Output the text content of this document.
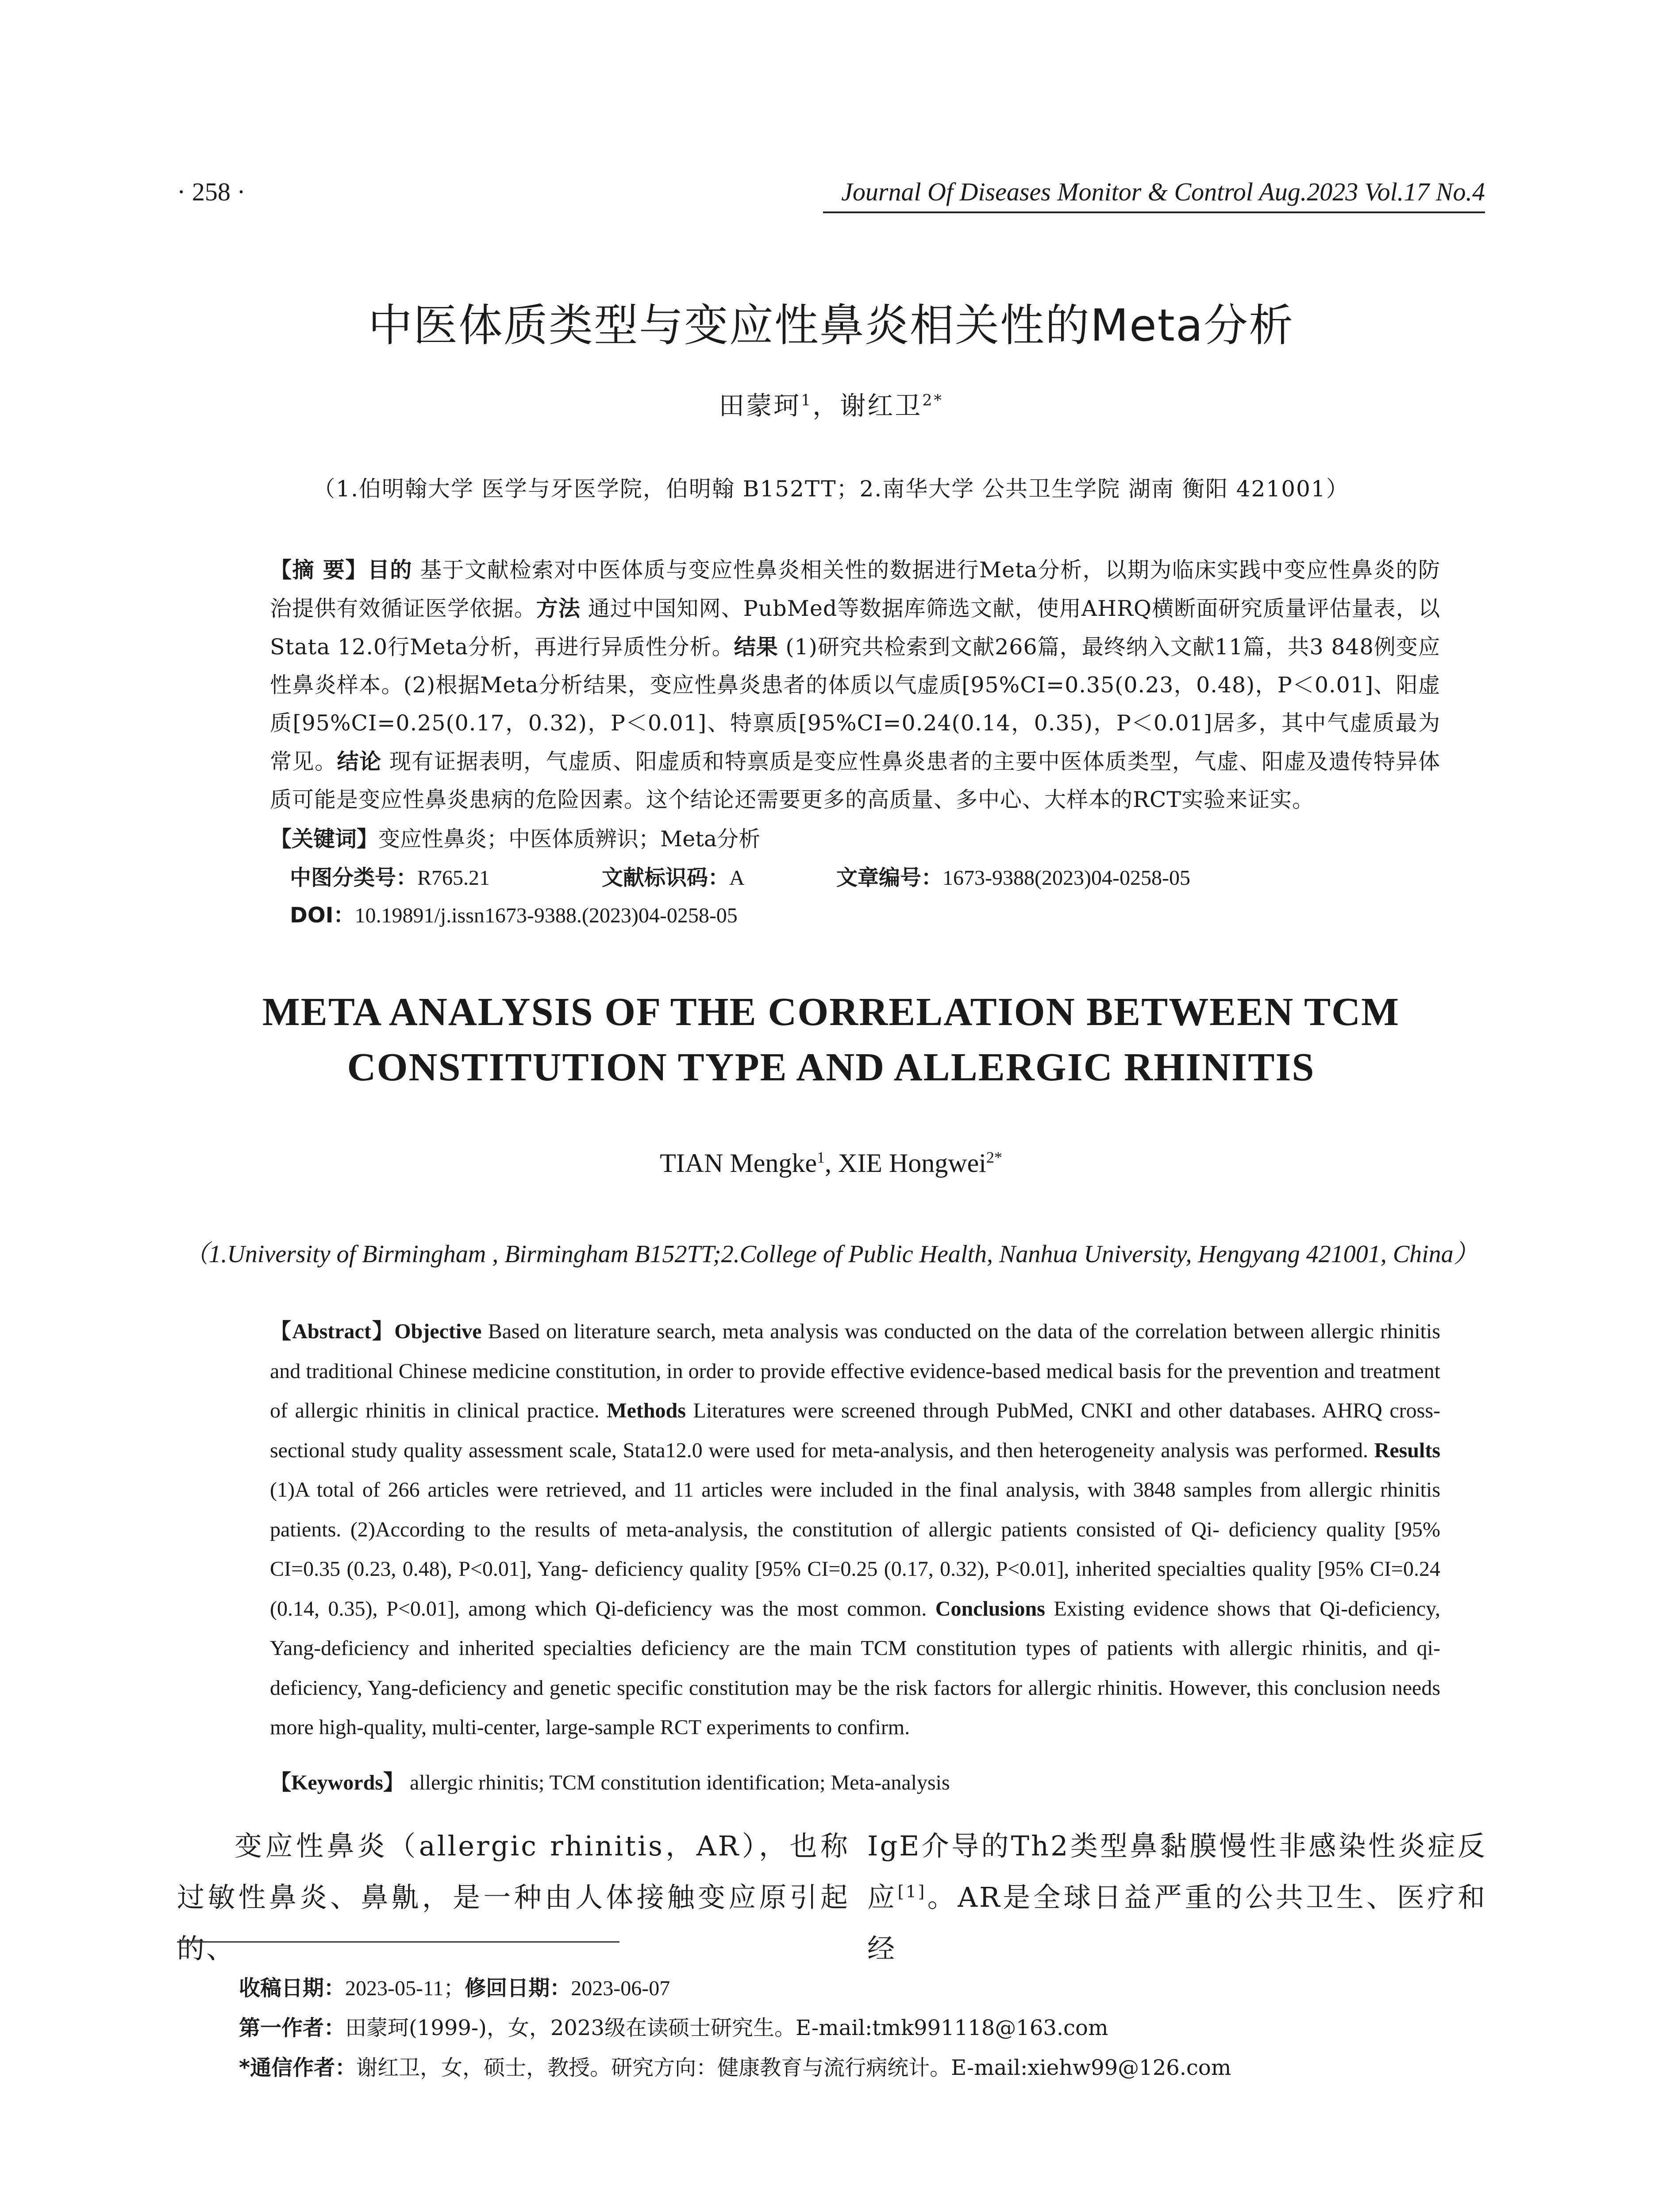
· 258 ·	Journal Of Diseases Monitor & Control Aug.2023 Vol.17 No.4
中医体质类型与变应性鼻炎相关性的Meta分析
田蒙珂$^1$，谢红卫$^{2*}$
（1.伯明翰大学 医学与牙医学院，伯明翰 B152TT；2.南华大学 公共卫生学院 湖南 衡阳 421001）
【摘 要】目的 基于文献检索对中医体质与变应性鼻炎相关性的数据进行Meta分析，以期为临床实践中变应性鼻炎的防治提供有效循证医学依据。方法 通过中国知网、PubMed等数据库筛选文献，使用AHRQ横断面研究质量评估量表，以Stata 12.0行Meta分析，再进行异质性分析。结果 (1)研究共检索到文献266篇，最终纳入文献11篇，共3 848例变应性鼻炎样本。(2)根据Meta分析结果，变应性鼻炎患者的体质以气虚质[95%CI=0.35(0.23，0.48)，P＜0.01]、阳虚质[95%CI=0.25(0.17，0.32)，P＜0.01]、特禀质[95%CI=0.24(0.14，0.35)，P＜0.01]居多，其中气虚质最为常见。结论 现有证据表明，气虚质、阳虚质和特禀质是变应性鼻炎患者的主要中医体质类型，气虚、阳虚及遗传特异体质可能是变应性鼻炎患病的危险因素。这个结论还需要更多的高质量、多中心、大样本的RCT实验来证实。
【关键词】变应性鼻炎；中医体质辨识；Meta分析
中图分类号：R765.21	文献标识码：A	文章编号：1673-9388(2023)04-0258-05
DOI：10.19891/j.issn1673-9388.(2023)04-0258-05
META ANALYSIS OF THE CORRELATION BETWEEN TCM
CONSTITUTION TYPE AND ALLERGIC RHINITIS
TIAN Mengke$^1$, XIE Hongwei$^{2*}$
（1.University of Birmingham , Birmingham B152TT;2.College of Public Health, Nanhua University, Hengyang 421001, China）
【Abstract】Objective Based on literature search, meta analysis was conducted on the data of the correlation between allergic rhinitis and traditional Chinese medicine constitution, in order to provide effective evidence-based medical basis for the prevention and treatment of allergic rhinitis in clinical practice. Methods Literatures were screened through PubMed, CNKI and other databases. AHRQ cross-sectional study quality assessment scale, Stata12.0 were used for meta-analysis, and then heterogeneity analysis was performed. Results (1)A total of 266 articles were retrieved, and 11 articles were included in the final analysis, with 3848 samples from allergic rhinitis patients. (2)According to the results of meta-analysis, the constitution of allergic patients consisted of Qi- deficiency quality [95% CI=0.35 (0.23, 0.48), P<0.01], Yang- deficiency quality [95% CI=0.25 (0.17, 0.32), P<0.01], inherited specialties quality [95% CI=0.24 (0.14, 0.35), P<0.01], among which Qi-deficiency was the most common. Conclusions Existing evidence shows that Qi-deficiency, Yang-deficiency and inherited specialties deficiency are the main TCM constitution types of patients with allergic rhinitis, and qi-deficiency, Yang-deficiency and genetic specific constitution may be the risk factors for allergic rhinitis. However, this conclusion needs more high-quality, multi-center, large-sample RCT experiments to confirm.
【Keywords】 allergic rhinitis; TCM constitution identification; Meta-analysis
变应性鼻炎（allergic rhinitis，AR），也称过敏性鼻炎、鼻鼽，是一种由人体接触变应原引起的、
IgE介导的Th2类型鼻黏膜慢性非感染性炎症反应[1]。AR是全球日益严重的公共卫生、医疗和经
收稿日期：2023-05-11；修回日期：2023-06-07
第一作者：田蒙珂(1999-)，女，2023级在读硕士研究生。E-mail:tmk991118@163.com
*通信作者：谢红卫，女，硕士，教授。研究方向：健康教育与流行病统计。E-mail:xiehw99@126.com
